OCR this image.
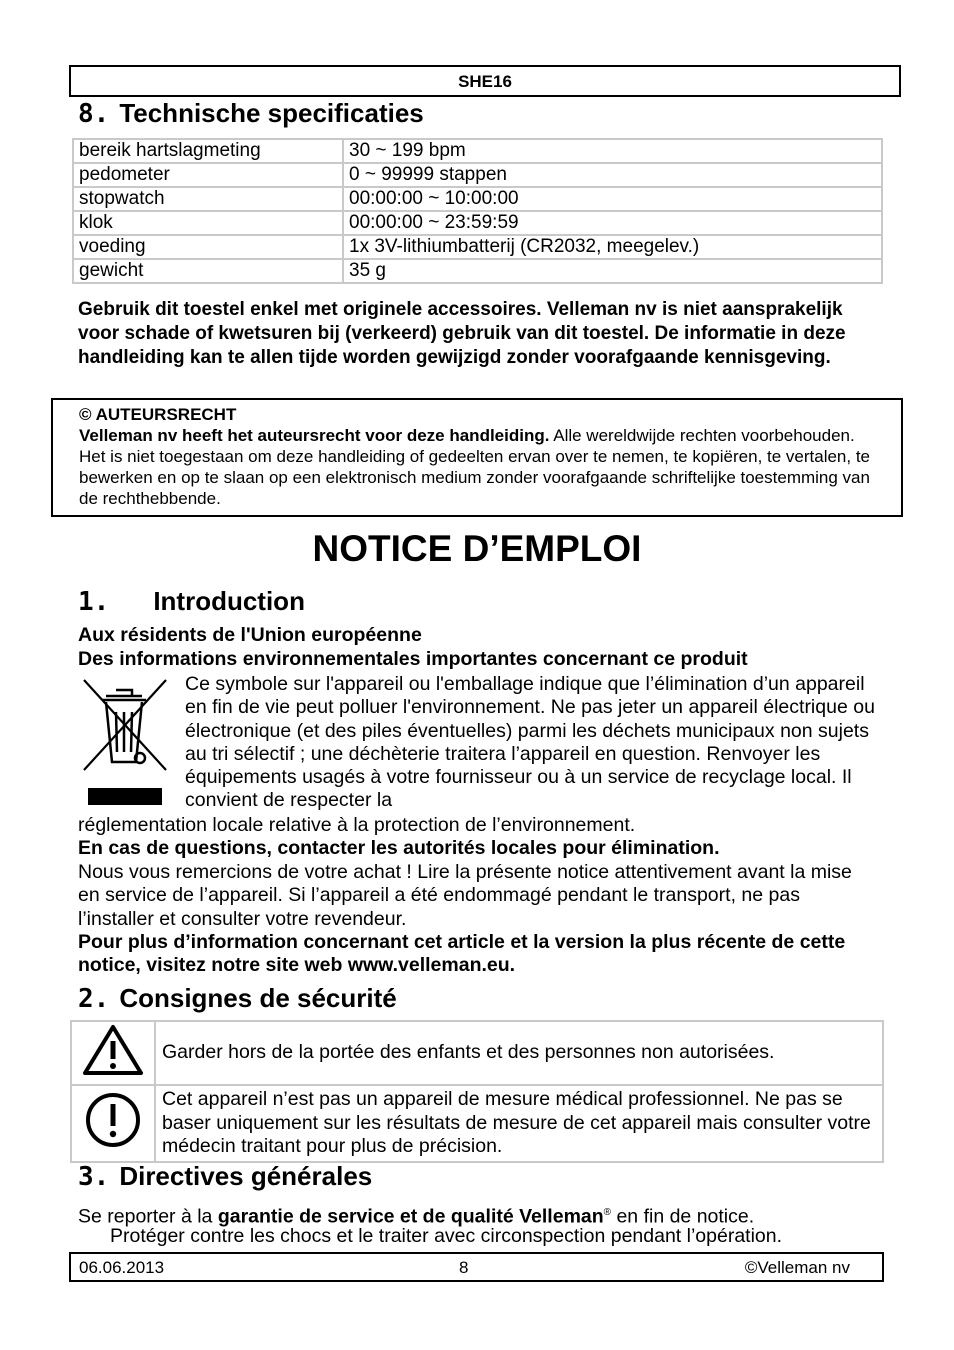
SHE16
8. Technische specificaties
bereik hartslagmeting	30 ~ 199 bpm
pedometer	0 ~ 99999 stappen
stopwatch	00:00:00 ~ 10:00:00
klok	00:00:00 ~ 23:59:59
voeding	1x 3V-lithiumbatterij (CR2032, meegelev.)
gewicht	35 g
Gebruik dit toestel enkel met originele accessoires. Velleman nv is niet aansprakelijk voor schade of kwetsuren bij (verkeerd) gebruik van dit toestel. De informatie in deze handleiding kan te allen tijde worden gewijzigd zonder voorafgaande kennisgeving.
© AUTEURSRECHT
Velleman nv heeft het auteursrecht voor deze handleiding. Alle wereldwijde rechten voorbehouden. Het is niet toegestaan om deze handleiding of gedeelten ervan over te nemen, te kopiëren, te vertalen, te bewerken en op te slaan op een elektronisch medium zonder voorafgaande schriftelijke toestemming van de rechthebbende.
NOTICE D’EMPLOI
1. Introduction
Aux résidents de l'Union européenne
Des informations environnementales importantes concernant ce produit
Ce symbole sur l'appareil ou l'emballage indique que l’élimination d’un appareil en fin de vie peut polluer l'environnement. Ne pas jeter un appareil électrique ou électronique (et des piles éventuelles) parmi les déchets municipaux non sujets au tri sélectif ; une déchèterie traitera l’appareil en question. Renvoyer les équipements usagés à votre fournisseur ou à un service de recyclage local. Il convient de respecter la
réglementation locale relative à la protection de l’environnement.
En cas de questions, contacter les autorités locales pour élimination.
Nous vous remercions de votre achat ! Lire la présente notice attentivement avant la mise en service de l’appareil. Si l’appareil a été endommagé pendant le transport, ne pas l’installer et consulter votre revendeur.
Pour plus d’information concernant cet article et la version la plus récente de cette notice, visitez notre site web www.velleman.eu.
2. Consignes de sécurité
	Garder hors de la portée des enfants et des personnes non autorisées.
	Cet appareil n’est pas un appareil de mesure médical professionnel. Ne pas se baser uniquement sur les résultats de mesure de cet appareil mais consulter votre médecin traitant pour plus de précision.
3. Directives générales
Se reporter à la garantie de service et de qualité Velleman® en fin de notice.
Protéger contre les chocs et le traiter avec circonspection pendant l’opération.
06.06.2013	8	©Velleman nv
